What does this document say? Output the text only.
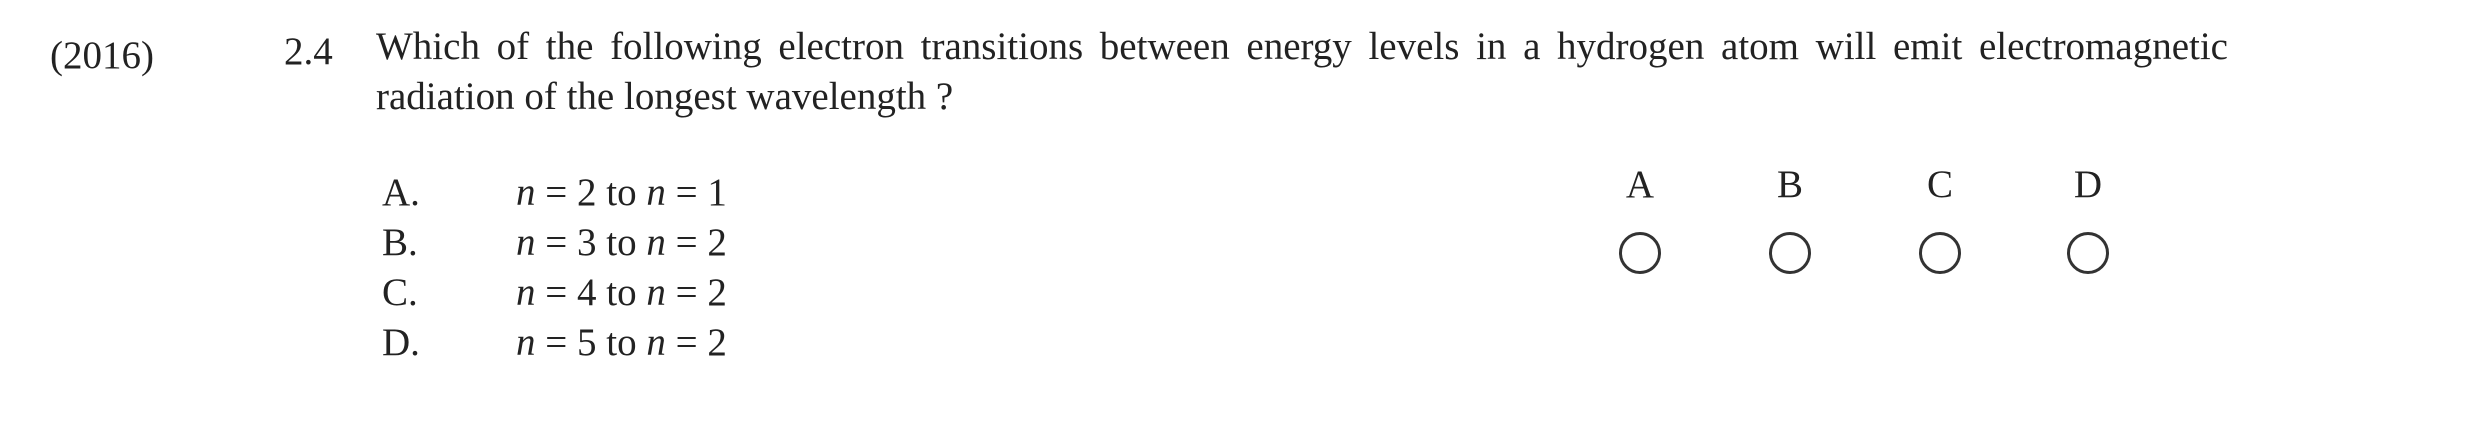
(2016)	2.4 Which of the following electron transitions between energy levels in a hydrogen atom will emit electromagnetic radiation of the longest wavelength ?
A. n = 2 to n = 1
B.	n = 3 to n = 2
C.	n = 4 to n = 2
D. n = 5 to n = 2
A	B	C	D
